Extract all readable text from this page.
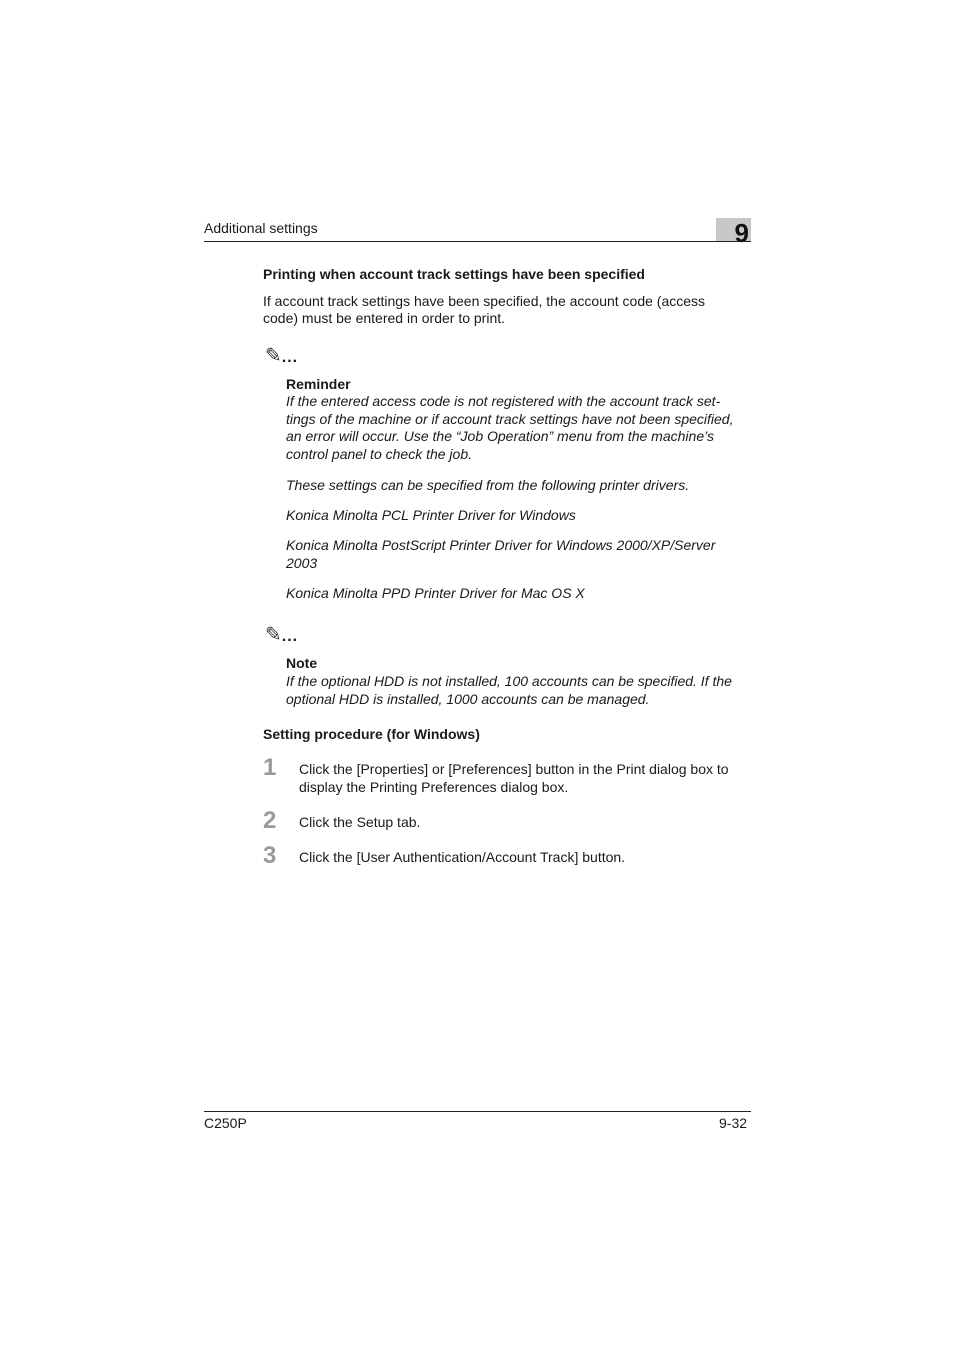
Additional settings	9
Printing when account track settings have been specified
If account track settings have been specified, the account code (access
code) must be entered in order to print.
✎...
Reminder
If the entered access code is not registered with the account track set-
tings of the machine or if account track settings have not been specified,
an error will occur. Use the “Job Operation” menu from the machine’s
control panel to check the job.
These settings can be specified from the following printer drivers.
Konica Minolta PCL Printer Driver for Windows
Konica Minolta PostScript Printer Driver for Windows 2000/XP/Server
2003
Konica Minolta PPD Printer Driver for Mac OS X
✎...
Note
If the optional HDD is not installed, 100 accounts can be specified. If the
optional HDD is installed, 1000 accounts can be managed.
Setting procedure (for Windows)
1 Click the [Properties] or [Preferences] button in the Print dialog box to
display the Printing Preferences dialog box.
2 Click the Setup tab.
3 Click the [User Authentication/Account Track] button.
C250P	9-32
